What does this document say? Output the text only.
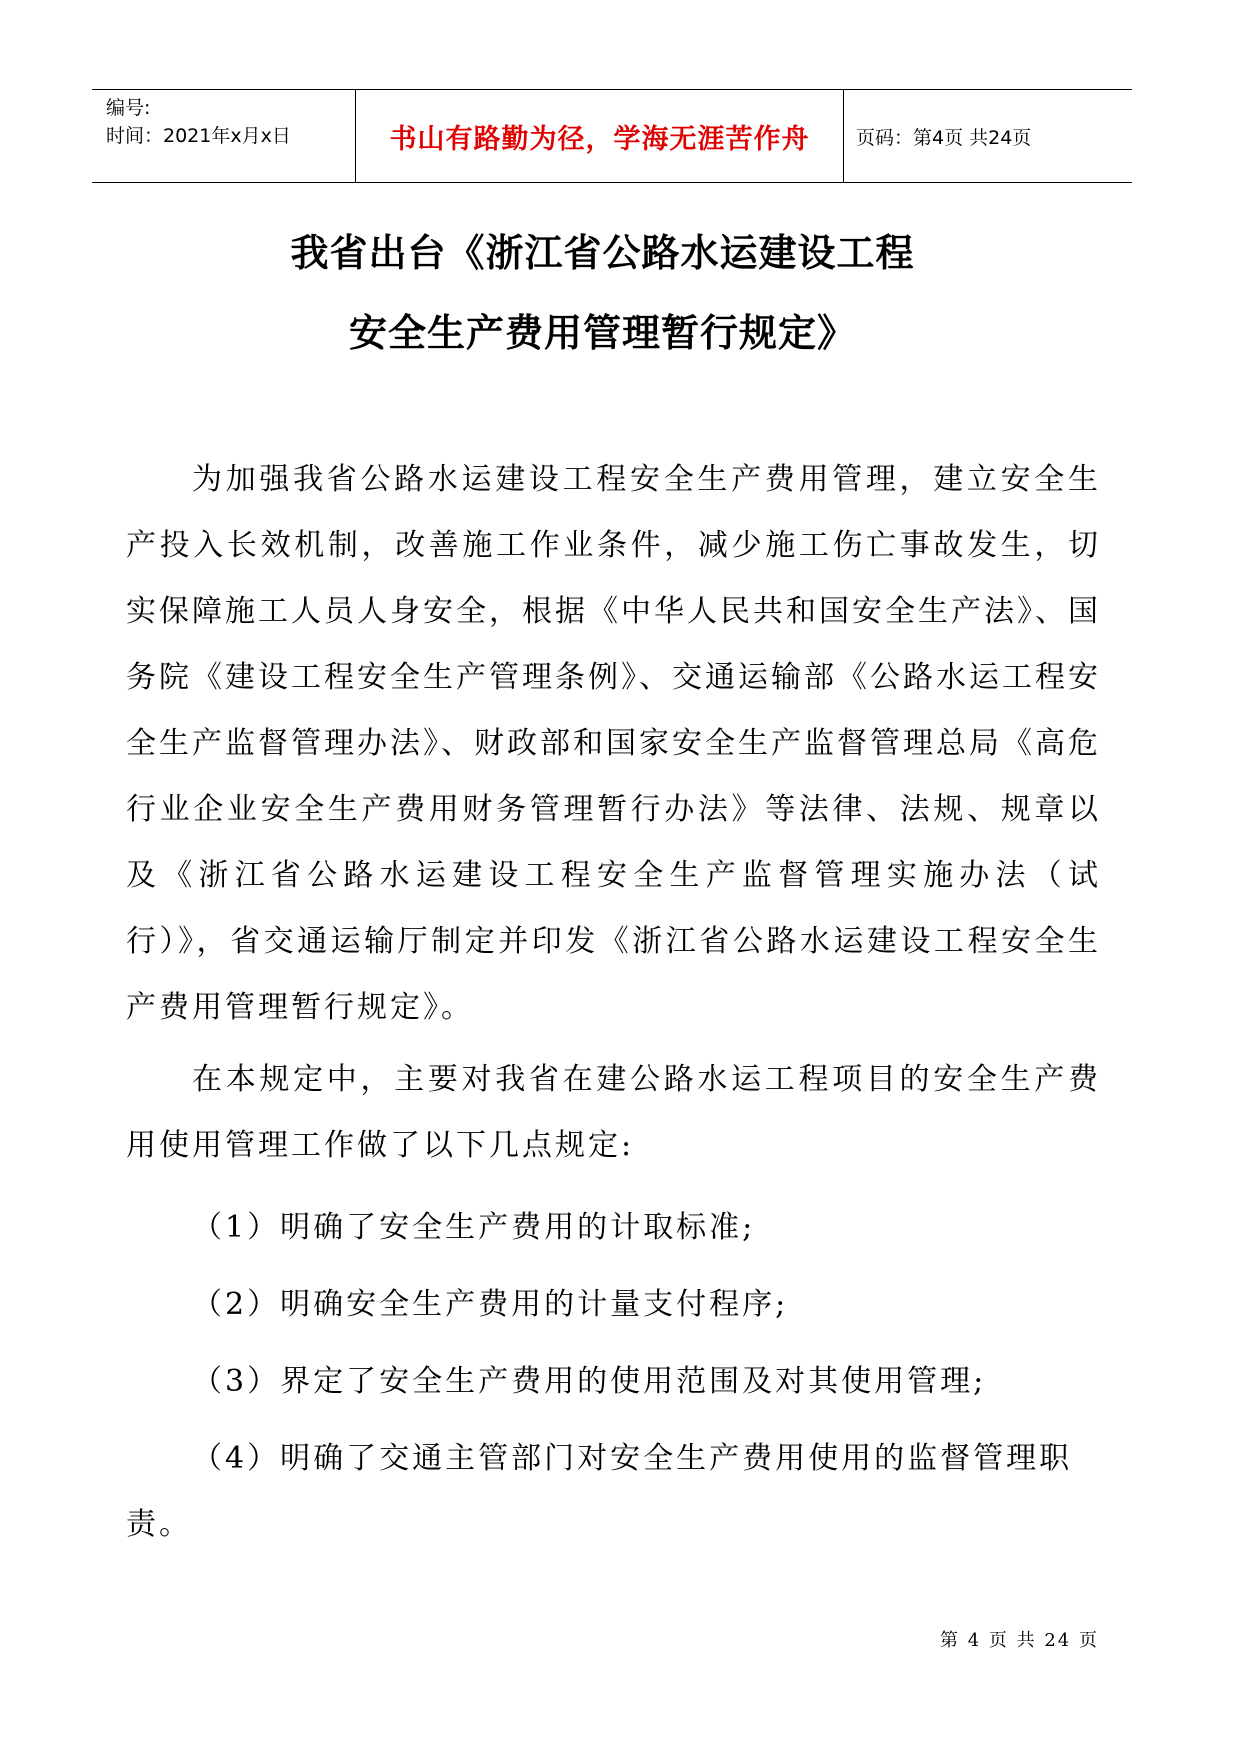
编号:
时间：2021年x月x日	书山有路勤为径，学海无涯苦作舟	页码：第4页 共24页
我省出台《浙江省公路水运建设工程
安全生产费用管理暂行规定》
为加强我省公路水运建设工程安全生产费用管理，建立安全生产投入长效机制，改善施工作业条件，减少施工伤亡事故发生，切实保障施工人员人身安全，根据《中华人民共和国安全生产法》、国务院《建设工程安全生产管理条例》、交通运输部《公路水运工程安全生产监督管理办法》、财政部和国家安全生产监督管理总局《高危行业企业安全生产费用财务管理暂行办法》等法律、法规、规章以及《浙江省公路水运建设工程安全生产监督管理实施办法（试行）》，省交通运输厅制定并印发《浙江省公路水运建设工程安全生产费用管理暂行规定》。
在本规定中，主要对我省在建公路水运工程项目的安全生产费用使用管理工作做了以下几点规定:
（1）明确了安全生产费用的计取标准;
（2）明确安全生产费用的计量支付程序;
（3）界定了安全生产费用的使用范围及对其使用管理;
（4）明确了交通主管部门对安全生产费用使用的监督管理职责。
第 4 页 共 24 页
